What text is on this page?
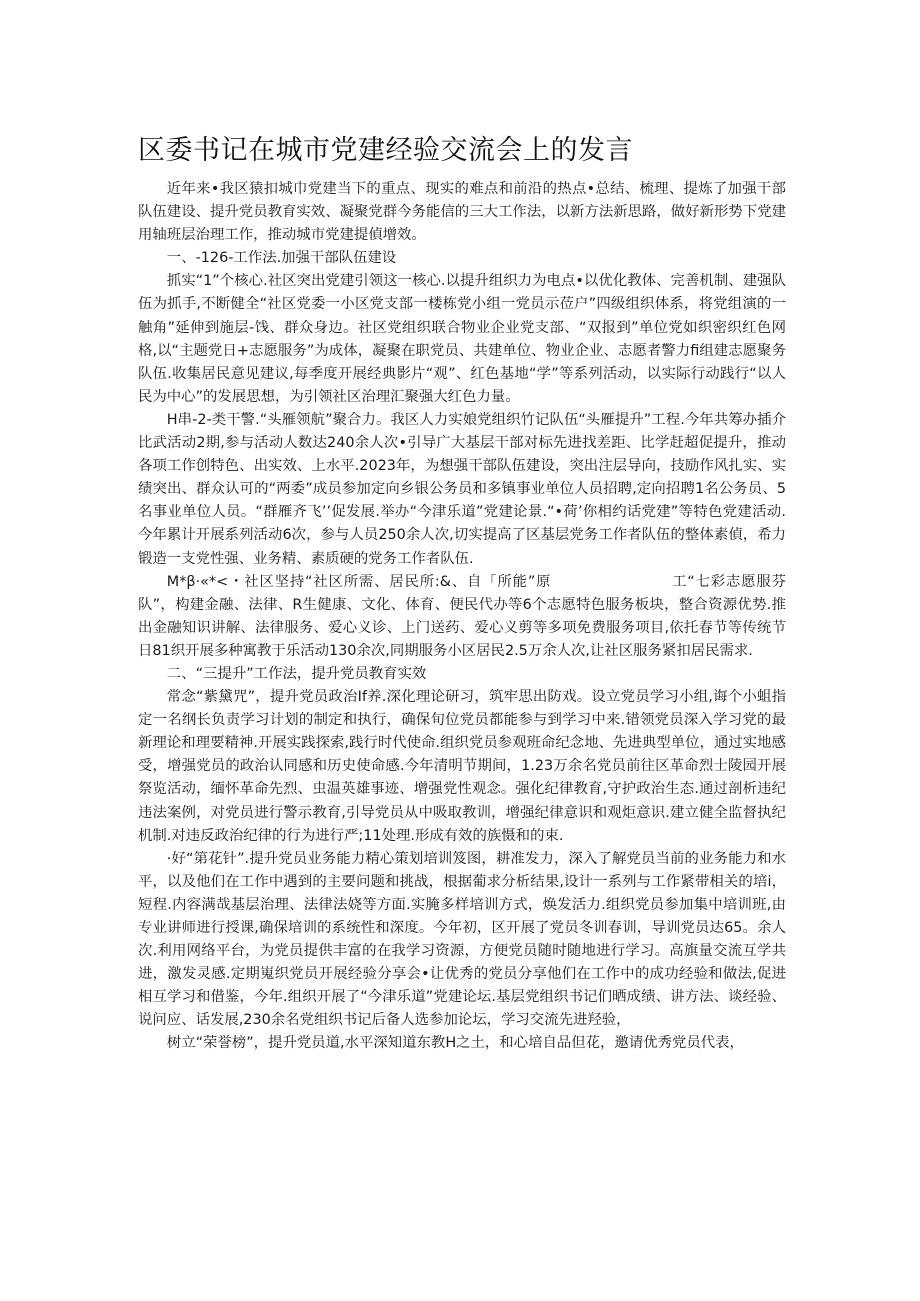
区委书记在城市党建经验交流会上的发言

近年来•我区猿扣城巾党建当下的重点、现实的难点和前沿的热点•总结、梳理、提炼了加强干部队伍建设、提升党员教育实效、凝聚党群今务能信的三大工作法，以新方法新思路，做好新形势下党建用轴班层治理工作，推动城市党建提偵增效。

一、-126-工作法.加强干部队伍建设

抓实“1”个核心.社区突出党建引领这一核心.以提升组织力为电点•以优化教体、完善机制、建强队伍为抓手,不断健全“社区党委一小区党支部一楼栋党小组一党员示莅户”四级组织体系，将党组演的一触角”延伸到施层-饯、群众身边。社区党组织联合物业企业党支部、“双报到”单位党如织密织红色网格,以“主题党日+志愿服务”为成体，凝聚在职党员、共建单位、物业企业、志愿者警力fi组建志愿聚务队伍.收集居民意见建议,每季度开展经典影片“观”、红色基地“学”等系列活动，以实际行动践行“以人民为中心”的发展思想，为引领社区治理汇聚强大红色力量。

H串-2-类干警.“头雁领航”聚合力。我区人力实娘党组织竹记队伍“头雁提升”工程.今年共筹办插介比武活动2期,参与活动人数达240余人次•引导广大基层干部对标先进找差距、比学赶超促提升，推动各项工作创特色、出实效、上水平.2023年，为想强干部队伍建设，突出注层导向，技励作风扎实、实绩突出、群众认可的“两委”成员参加定向乡银公务员和多镇事业单位人员招聘,定向招聘1名公务员、5名事业单位人员。“群雁齐飞’’促发展.举办“今津乐道”党建论景.“•荷’你相约话党建”等特色党建活动.今年累计开展系列活动6次，参与人员250余人次,切实提高了区基层党务工作者队伍的整体素偵，希力锻造一支党性强、业务精、素质硬的党务工作者队伍.

M*β·«*<・社区坚持“社区所需、居民所:&、自「所能”原	工“七彩志愿服芬队”，构建金融、法律、R生健康、文化、体育、便民代办等6个志愿特色服务板块，整合资源优势.推出金融知识讲解、法律服务、爱心义诊、上门送药、爱心义剪等多项免费服务项目,依托春节等传统节日81织开展多种寓教于乐活动130余次,同期服务小区居民2.5万余人次,让社区服务紧扣居民需求.

二、“三提升”工作法，提升党员教育实效

常念“紫黛咒”，提升党员政治If养.深化理论研习，筑牢思出防戏。设立党员学习小组,诲个小蛆指定一名纲长负责学习计划的制定和执行，确保旬位党员都能参与到学习中来.错领党员深入学习党的最新理论和理要精神.开展实践探索,践行时代使命.组织党员参观班命纪念地、先进典型单位，通过实地感受，增强党员的政治认同感和历史使命感.今年清明节期间，1.23万余名党员前往区革命烈士陵园开展祭览活动，缅怀革命先烈、虫温英雄事迹、增强党性观念。强化纪律教育,守护政治生态.通过剖析违纪违法案例，对党员进行警示教育,引导党员从中吸取教训，增强纪律意识和观炬意识.建立健全监督执纪机制.对违反政治纪律的行为进行严;11处理.形成有效的族慑和的束.

·好“第花针”.提升党员业务能力精心策划培训笈图，耕准发力，深入了解党员当前的业务能力和水平，以及他们在工作中遇到的主要问题和挑战，根据葡求分析结果,设计一系列与工作紧带相关的培i，短程.内容满哉基层治理、法律法娆等方面.实腌多样培训方式，焕发活力.组织党员参加集中培训班,由专业讲师进行授课,确保培训的系统性和深度。今年初，区开展了党员冬训春训，导训党员达65。余人次.利用网络平台，为党员提供丰富的在我学习资源，方便党员随时随地进行学习。高旗量交流互学共进，激发灵感.定期嵬织党员开展经验分享会•让优秀的党员分享他们在工作中的成功经验和做法,促进相互学习和借鉴，今年.组织开展了“今津乐道”党建论坛.基层党组织书记们晒成绩、讲方法、谈经验、说问应、话发展,230余名党组织书记后备人选参加论坛，学习交流先进羟验，

树立“荣誉榜”，提升党员道,水平深知道东教H之土，和心培自品但花，邀请优秀党员代表，
